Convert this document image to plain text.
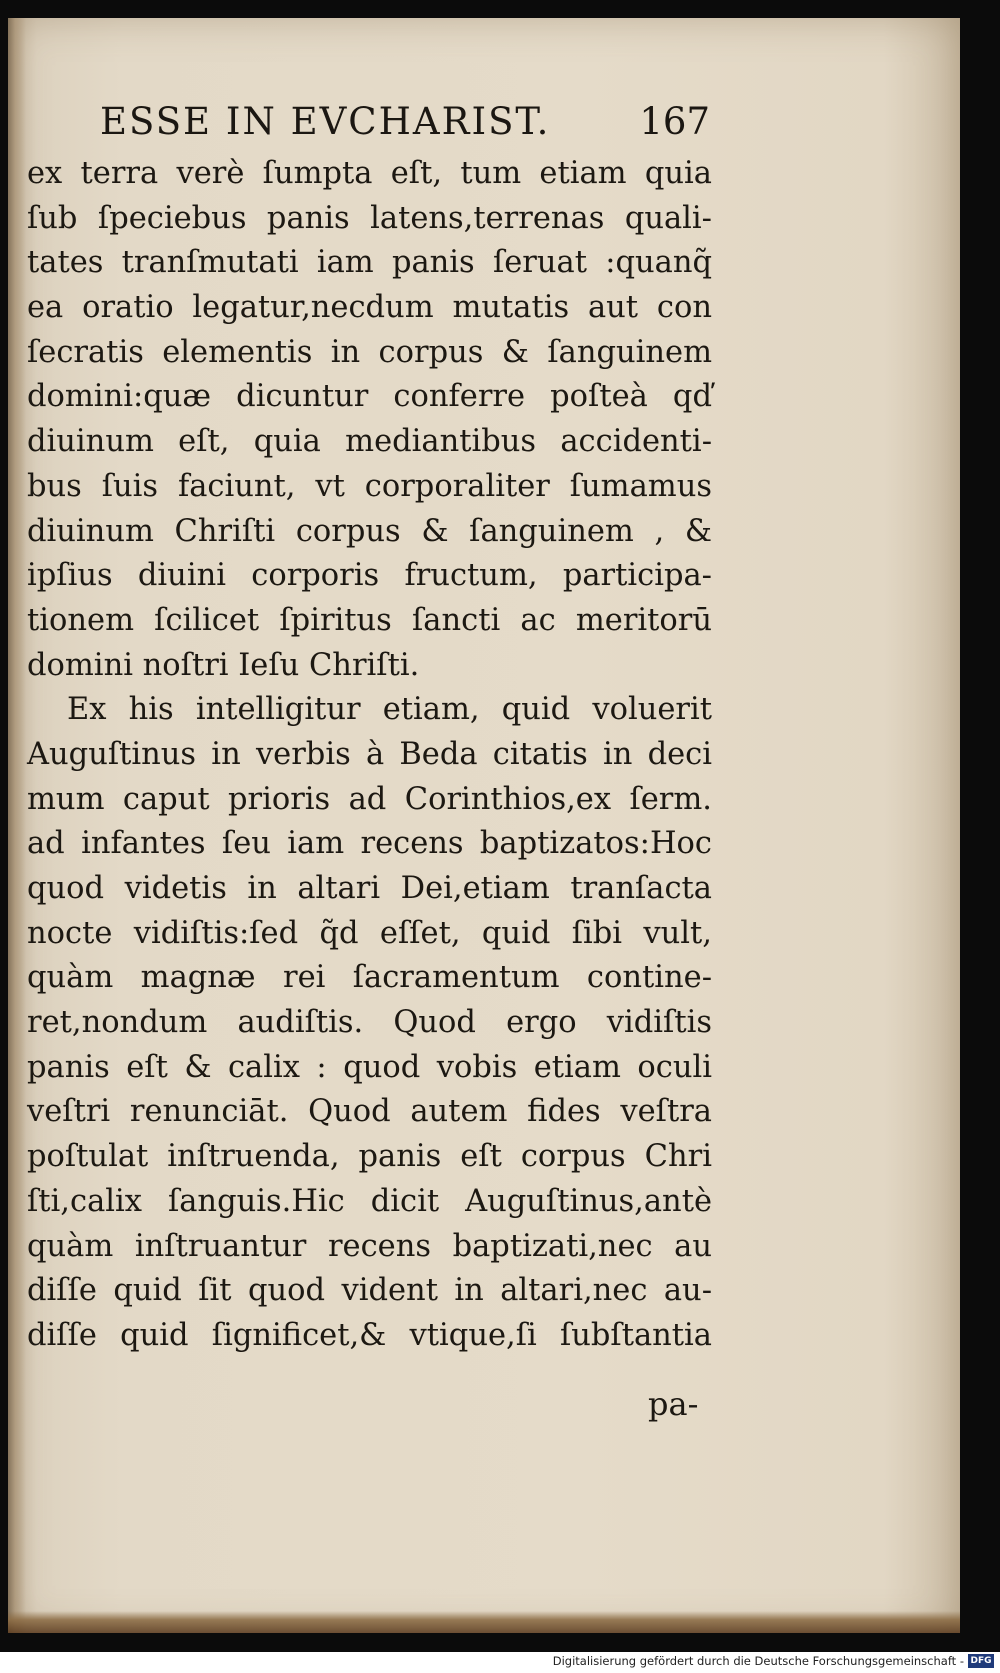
ESSE IN EVCHARIST. 167
ex terra verè ſumpta eſt, tum etiam quia
ſub ſpeciebus panis latens,terrenas quali-
tates tranſmutati iam panis ſeruat :quanq̃
ea oratio legatur,necdum mutatis aut con
ſecratis elementis in corpus & ſanguinem
domini:quæ dicuntur conferre poſteà qď
diuinum eſt, quia mediantibus accidenti-
bus ſuis faciunt, vt corporaliter ſumamus
diuinum Chriſti corpus & ſanguinem , &
ipſius diuini corporis fructum, participa-
tionem ſcilicet ſpiritus ſancti ac meritorū
domini noſtri Ieſu Chriſti.
Ex his intelligitur etiam, quid voluerit
Auguſtinus in verbis à Beda citatis in deci
mum caput prioris ad Corinthios,ex ſerm.
ad infantes ſeu iam recens baptizatos:Hoc
quod videtis in altari Dei,etiam tranſacta
nocte vidiſtis:ſed q̃d eſſet, quid ſibi vult,
quàm magnæ rei ſacramentum contine-
ret,nondum audiſtis. Quod ergo vidiſtis
panis eſt & calix : quod vobis etiam oculi
veſtri renunciāt. Quod autem fides veſtra
poſtulat inſtruenda, panis eſt corpus Chri
ſti,calix ſanguis.Hic dicit Auguſtinus,antè
quàm inſtruantur recens baptizati,nec au
diſſe quid ſit quod vident in altari,nec au-
diſſe quid ſignificet,& vtique,ſi ſubſtantia
pa-
Digitalisierung gefördert durch die Deutsche Forschungsgemeinschaft - DFG
